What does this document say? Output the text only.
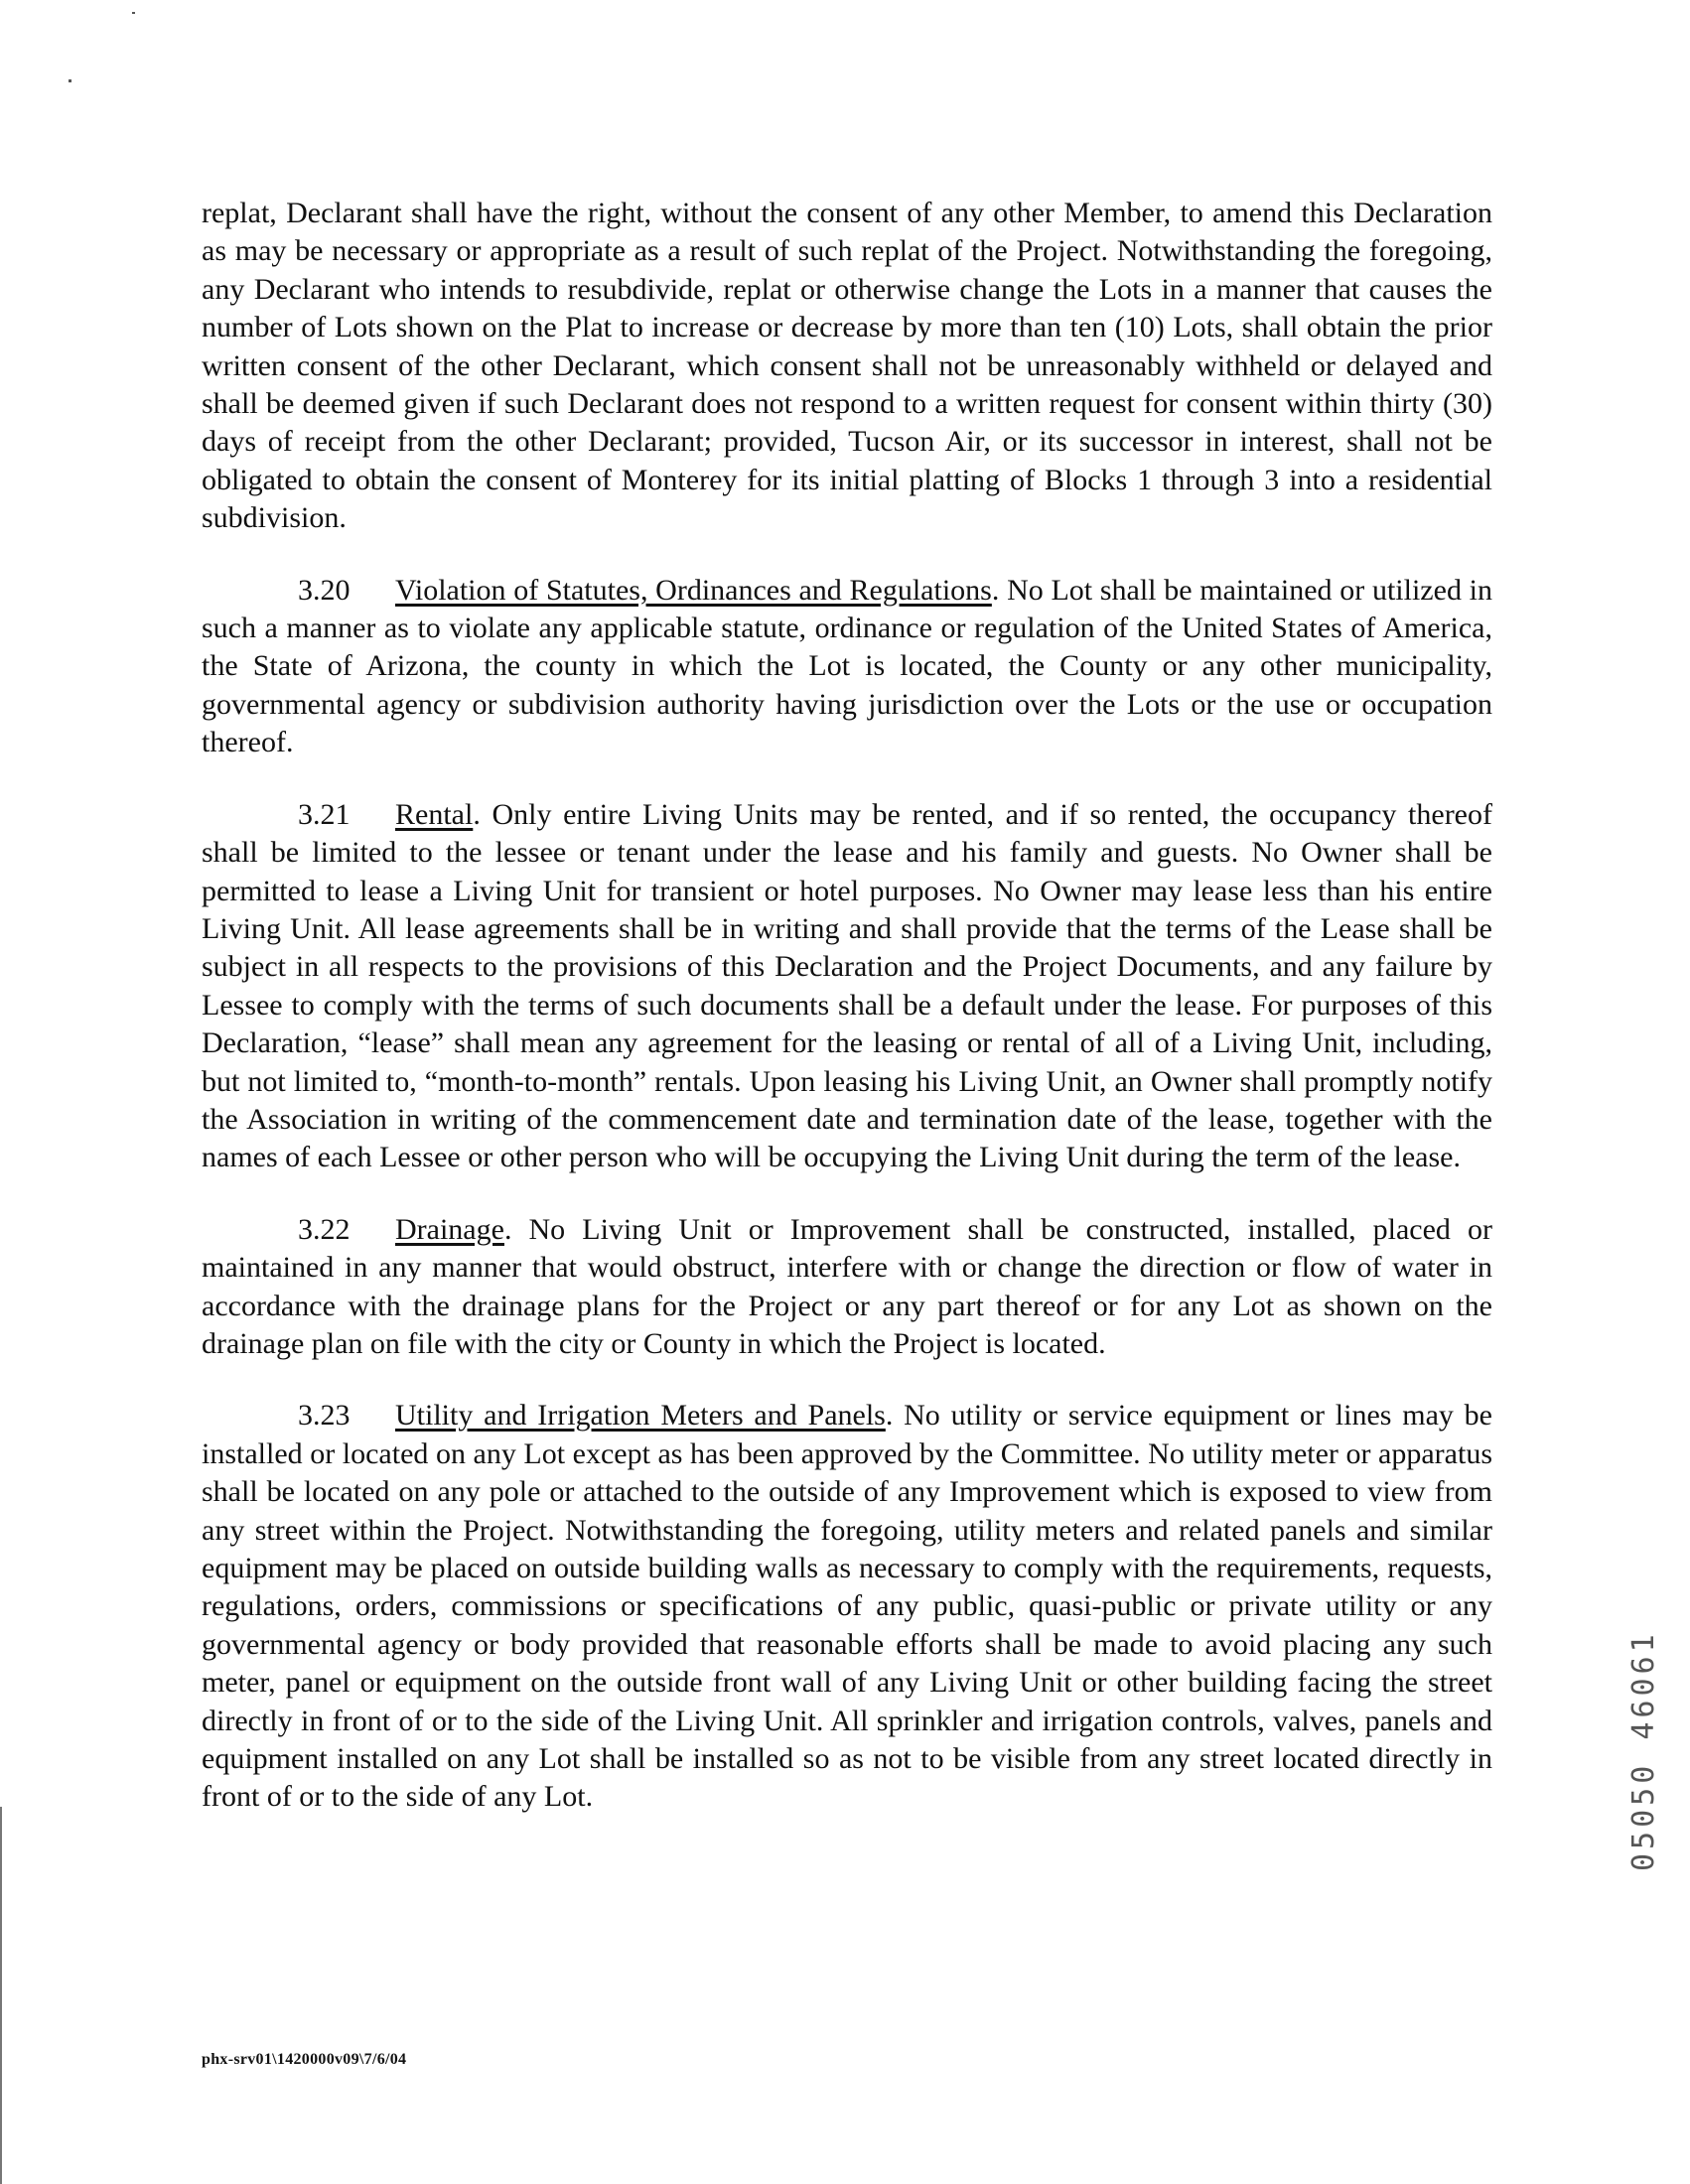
replat, Declarant shall have the right, without the consent of any other Member, to amend this Declaration as may be necessary or appropriate as a result of such replat of the Project. Notwithstanding the foregoing, any Declarant who intends to resubdivide, replat or otherwise change the Lots in a manner that causes the number of Lots shown on the Plat to increase or decrease by more than ten (10) Lots, shall obtain the prior written consent of the other Declarant, which consent shall not be unreasonably withheld or delayed and shall be deemed given if such Declarant does not respond to a written request for consent within thirty (30) days of receipt from the other Declarant; provided, Tucson Air, or its successor in interest, shall not be obligated to obtain the consent of Monterey for its initial platting of Blocks 1 through 3 into a residential subdivision.

3.20 Violation of Statutes, Ordinances and Regulations. No Lot shall be maintained or utilized in such a manner as to violate any applicable statute, ordinance or regulation of the United States of America, the State of Arizona, the county in which the Lot is located, the County or any other municipality, governmental agency or subdivision authority having jurisdiction over the Lots or the use or occupation thereof.

3.21 Rental. Only entire Living Units may be rented, and if so rented, the occupancy thereof shall be limited to the lessee or tenant under the lease and his family and guests. No Owner shall be permitted to lease a Living Unit for transient or hotel purposes. No Owner may lease less than his entire Living Unit. All lease agreements shall be in writing and shall provide that the terms of the Lease shall be subject in all respects to the provisions of this Declaration and the Project Documents, and any failure by Lessee to comply with the terms of such documents shall be a default under the lease. For purposes of this Declaration, “lease” shall mean any agreement for the leasing or rental of all of a Living Unit, including, but not limited to, “month-to-month” rentals. Upon leasing his Living Unit, an Owner shall promptly notify the Association in writing of the commencement date and termination date of the lease, together with the names of each Lessee or other person who will be occupying the Living Unit during the term of the lease.

3.22 Drainage. No Living Unit or Improvement shall be constructed, installed, placed or maintained in any manner that would obstruct, interfere with or change the direction or flow of water in accordance with the drainage plans for the Project or any part thereof or for any Lot as shown on the drainage plan on file with the city or County in which the Project is located.

3.23 Utility and Irrigation Meters and Panels. No utility or service equipment or lines may be installed or located on any Lot except as has been approved by the Committee. No utility meter or apparatus shall be located on any pole or attached to the outside of any Improvement which is exposed to view from any street within the Project. Notwithstanding the foregoing, utility meters and related panels and similar equipment may be placed on outside building walls as necessary to comply with the requirements, requests, regulations, orders, commissions or specifications of any public, quasi-public or private utility or any governmental agency or body provided that reasonable efforts shall be made to avoid placing any such meter, panel or equipment on the outside front wall of any Living Unit or other building facing the street directly in front of or to the side of the Living Unit. All sprinkler and irrigation controls, valves, panels and equipment installed on any Lot shall be installed so as not to be visible from any street located directly in front of or to the side of any Lot.	05050 46061
phx-srv01\1420000v09\7/6/04
